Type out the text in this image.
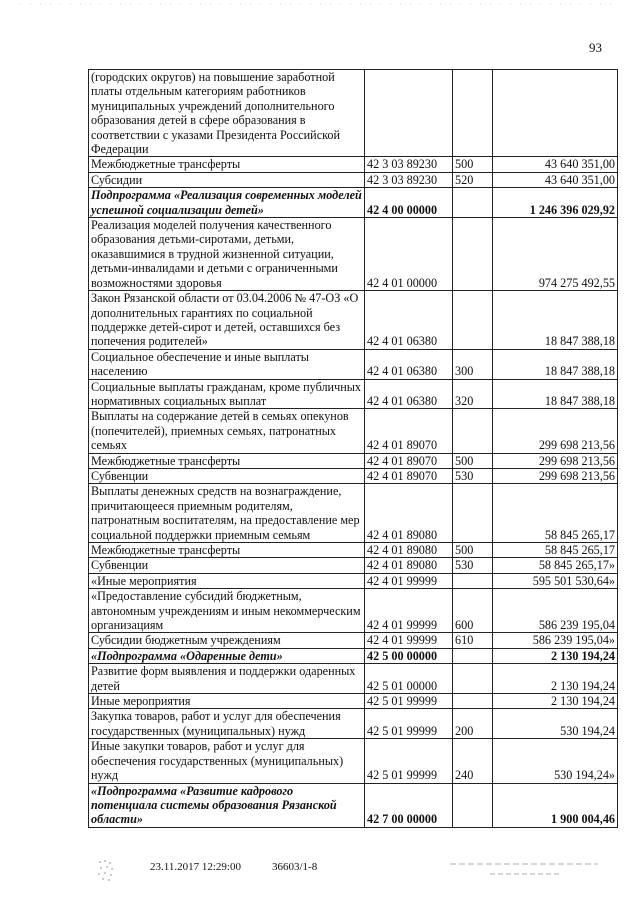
93
(городских округов) на повышение заработной платы отдельным категориям работников муниципальных учреждений дополнительного образования детей в сфере образования в соответствии с указами Президента Российской Федерации			
Межбюджетные трансферты	42 3 03 89230	500	43 640 351,00
Субсидии	42 3 03 89230	520	43 640 351,00
Подпрограмма «Реализация современных моделей успешной социализации детей»	42 4 00 00000		1 246 396 029,92
Реализация моделей получения качественного образования детьми-сиротами, детьми, оказавшимися в трудной жизненной ситуации, детьми-инвалидами и детьми с ограниченными возможностями здоровья	42 4 01 00000		974 275 492,55
Закон Рязанской области от 03.04.2006 № 47-ОЗ «О дополнительных гарантиях по социальной поддержке детей-сирот и детей, оставшихся без попечения родителей»	42 4 01 06380		18 847 388,18
Социальное обеспечение и иные выплаты населению	42 4 01 06380	300	18 847 388,18
Социальные выплаты гражданам, кроме публичных нормативных социальных выплат	42 4 01 06380	320	18 847 388,18
Выплаты на содержание детей в семьях опекунов (попечителей), приемных семьях, патронатных семьях	42 4 01 89070		299 698 213,56
Межбюджетные трансферты	42 4 01 89070	500	299 698 213,56
Субвенции	42 4 01 89070	530	299 698 213,56
Выплаты денежных средств на вознаграждение, причитающееся приемным родителям, патронатным воспитателям, на предоставление мер социальной поддержки приемным семьям	42 4 01 89080		58 845 265,17
Межбюджетные трансферты	42 4 01 89080	500	58 845 265,17
Субвенции	42 4 01 89080	530	58 845 265,17»
«Иные мероприятия	42 4 01 99999		595 501 530,64»
«Предоставление субсидий бюджетным, автономным учреждениям и иным некоммерческим организациям	42 4 01 99999	600	586 239 195,04
Субсидии бюджетным учреждениям	42 4 01 99999	610	586 239 195,04»
«Подпрограмма «Одаренные дети»	42 5 00 00000		2 130 194,24
Развитие форм выявления и поддержки одаренных детей	42 5 01 00000		2 130 194,24
Иные мероприятия	42 5 01 99999		2 130 194,24
Закупка товаров, работ и услуг для обеспечения государственных (муниципальных) нужд	42 5 01 99999	200	530 194,24
Иные закупки товаров, работ и услуг для обеспечения государственных (муниципальных) нужд	42 5 01 99999	240	530 194,24»
«Подпрограмма «Развитие кадрового потенциала системы образования Рязанской области»	42 7 00 00000		1 900 004,46
23.11.2017 12:29:00	36603/1-8
